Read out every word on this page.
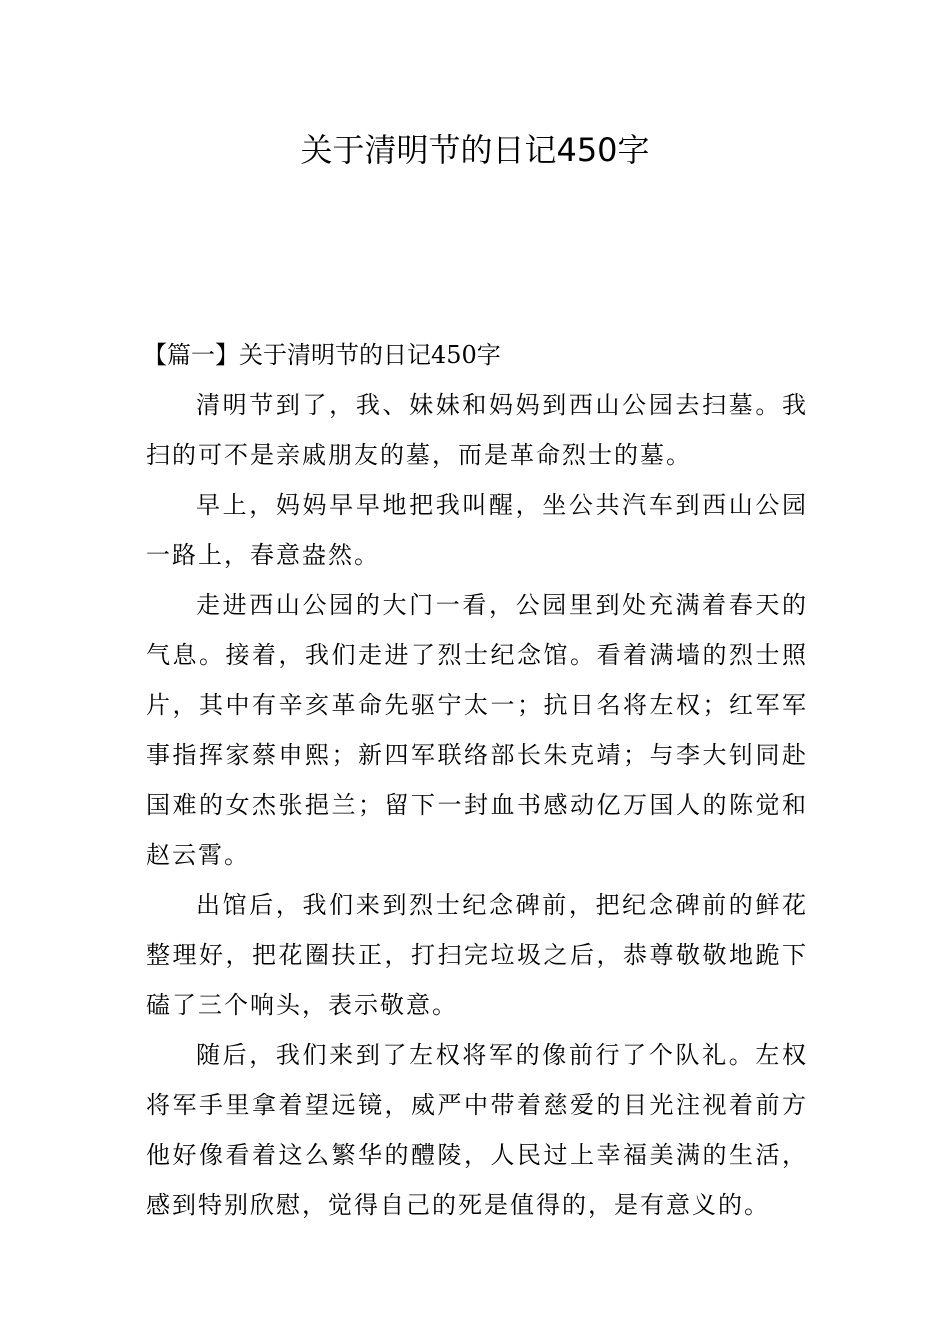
关于清明节的日记450字
【篇一】关于清明节的日记450字

清明节到了，我、妹妹和妈妈到西山公园去扫墓。我扫的可不是亲戚朋友的墓，而是革命烈士的墓。

早上，妈妈早早地把我叫醒，坐公共汽车到西山公园一路上，春意盎然。

走进西山公园的大门一看，公园里到处充满着春天的气息。接着，我们走进了烈士纪念馆。看着满墙的烈士照片，其中有辛亥革命先驱宁太一；抗日名将左权；红军军事指挥家蔡申熙；新四军联络部长朱克靖；与李大钊同赴国难的女杰张挹兰；留下一封血书感动亿万国人的陈觉和赵云霄。

出馆后，我们来到烈士纪念碑前，把纪念碑前的鲜花整理好，把花圈扶正，打扫完垃圾之后，恭尊敬敬地跪下磕了三个响头，表示敬意。

随后，我们来到了左权将军的像前行了个队礼。左权将军手里拿着望远镜，威严中带着慈爱的目光注视着前方他好像看着这么繁华的醴陵，人民过上幸福美满的生活，感到特别欣慰，觉得自己的死是值得的，是有意义的。
